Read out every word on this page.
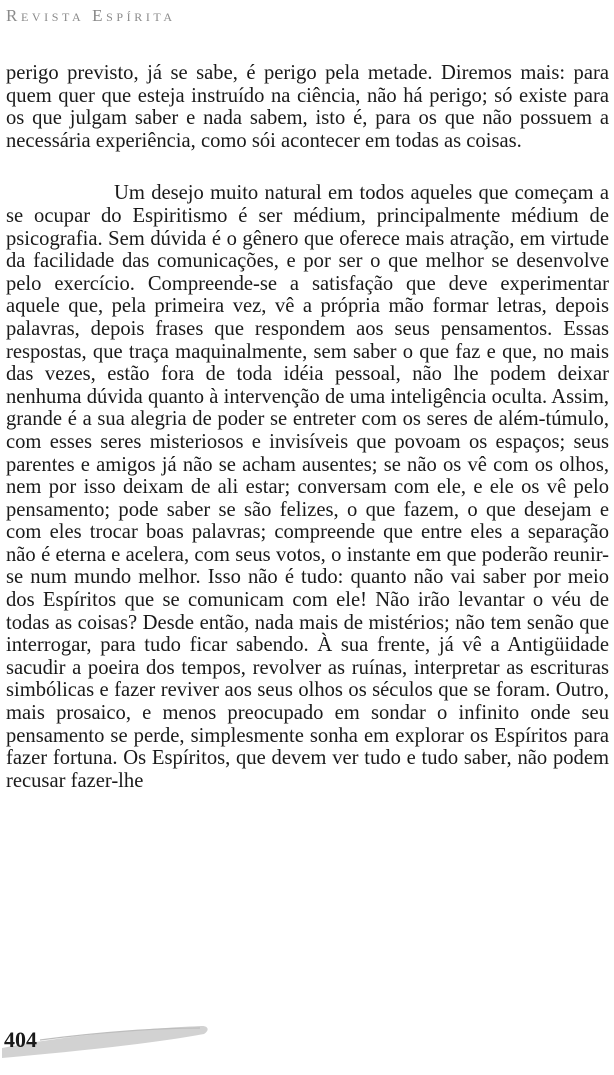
Revista Espírita

perigo previsto, já se sabe, é perigo pela metade. Diremos mais: para quem quer que esteja instruído na ciência, não há perigo; só existe para os que julgam saber e nada sabem, isto é, para os que não possuem a necessária experiência, como sói acontecer em todas as coisas.

Um desejo muito natural em todos aqueles que começam a se ocupar do Espiritismo é ser médium, principalmente médium de psicografia. Sem dúvida é o gênero que oferece mais atração, em virtude da facilidade das comunicações, e por ser o que melhor se desenvolve pelo exercício. Compreende-se a satisfação que deve experimentar aquele que, pela primeira vez, vê a própria mão formar letras, depois palavras, depois frases que respondem aos seus pensamentos. Essas respostas, que traça maquinalmente, sem saber o que faz e que, no mais das vezes, estão fora de toda idéia pessoal, não lhe podem deixar nenhuma dúvida quanto à intervenção de uma inteligência oculta. Assim, grande é a sua alegria de poder se entreter com os seres de além-túmulo, com esses seres misteriosos e invisíveis que povoam os espaços; seus parentes e amigos já não se acham ausentes; se não os vê com os olhos, nem por isso deixam de ali estar; conversam com ele, e ele os vê pelo pensamento; pode saber se são felizes, o que fazem, o que desejam e com eles trocar boas palavras; compreende que entre eles a separação não é eterna e acelera, com seus votos, o instante em que poderão reunir-se num mundo melhor. Isso não é tudo: quanto não vai saber por meio dos Espíritos que se comunicam com ele! Não irão levantar o véu de todas as coisas? Desde então, nada mais de mistérios; não tem senão que interrogar, para tudo ficar sabendo. À sua frente, já vê a Antigüidade sacudir a poeira dos tempos, revolver as ruínas, interpretar as escrituras simbólicas e fazer reviver aos seus olhos os séculos que se foram. Outro, mais prosaico, e menos preocupado em sondar o infinito onde seu pensamento se perde, simplesmente sonha em explorar os Espíritos para fazer fortuna. Os Espíritos, que devem ver tudo e tudo saber, não podem recusar fazer-lhe

404
